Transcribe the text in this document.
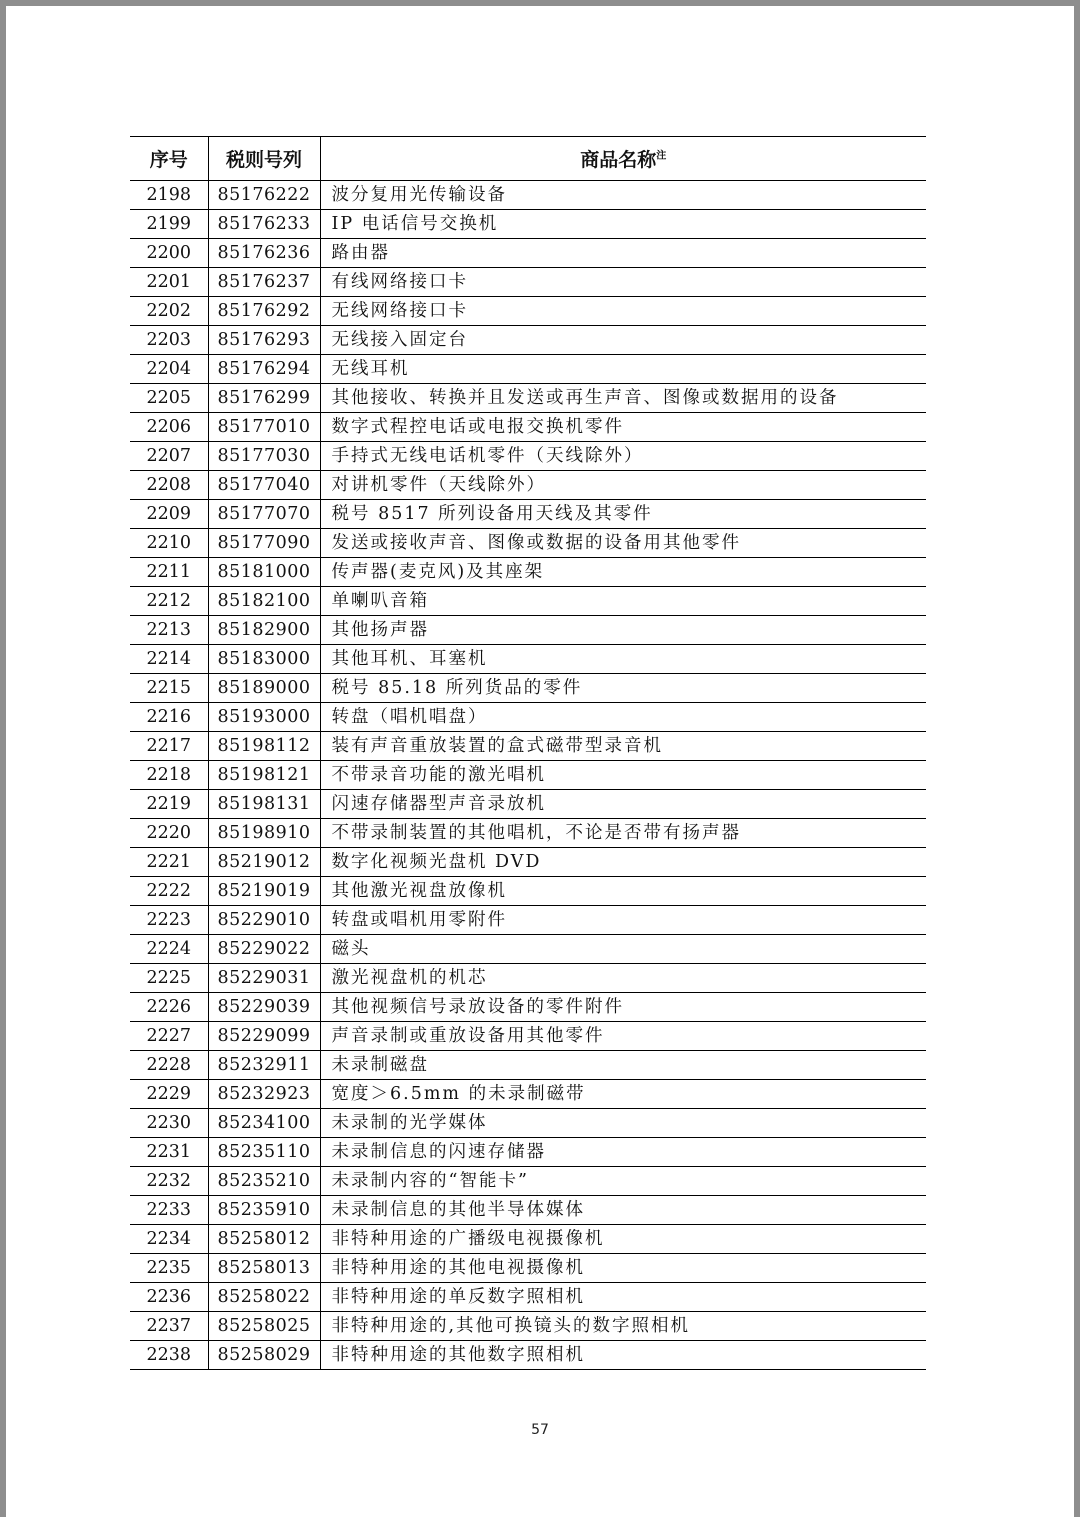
序号	税则号列	商品名称$^注$
2198	85176222	波分复用光传输设备
2199	85176233	IP 电话信号交换机
2200	85176236	路由器
2201	85176237	有线网络接口卡
2202	85176292	无线网络接口卡
2203	85176293	无线接入固定台
2204	85176294	无线耳机
2205	85176299	其他接收、转换并且发送或再生声音、图像或数据用的设备
2206	85177010	数字式程控电话或电报交换机零件
2207	85177030	手持式无线电话机零件（天线除外）
2208	85177040	对讲机零件（天线除外）
2209	85177070	税号 8517 所列设备用天线及其零件
2210	85177090	发送或接收声音、图像或数据的设备用其他零件
2211	85181000	传声器(麦克风)及其座架
2212	85182100	单喇叭音箱
2213	85182900	其他扬声器
2214	85183000	其他耳机、耳塞机
2215	85189000	税号 85.18 所列货品的零件
2216	85193000	转盘（唱机唱盘）
2217	85198112	装有声音重放装置的盒式磁带型录音机
2218	85198121	不带录音功能的激光唱机
2219	85198131	闪速存储器型声音录放机
2220	85198910	不带录制装置的其他唱机，不论是否带有扬声器
2221	85219012	数字化视频光盘机 DVD
2222	85219019	其他激光视盘放像机
2223	85229010	转盘或唱机用零附件
2224	85229022	磁头
2225	85229031	激光视盘机的机芯
2226	85229039	其他视频信号录放设备的零件附件
2227	85229099	声音录制或重放设备用其他零件
2228	85232911	未录制磁盘
2229	85232923	宽度＞6.5mm 的未录制磁带
2230	85234100	未录制的光学媒体
2231	85235110	未录制信息的闪速存储器
2232	85235210	未录制内容的“智能卡”
2233	85235910	未录制信息的其他半导体媒体
2234	85258012	非特种用途的广播级电视摄像机
2235	85258013	非特种用途的其他电视摄像机
2236	85258022	非特种用途的单反数字照相机
2237	85258025	非特种用途的,其他可换镜头的数字照相机
2238	85258029	非特种用途的其他数字照相机
57
